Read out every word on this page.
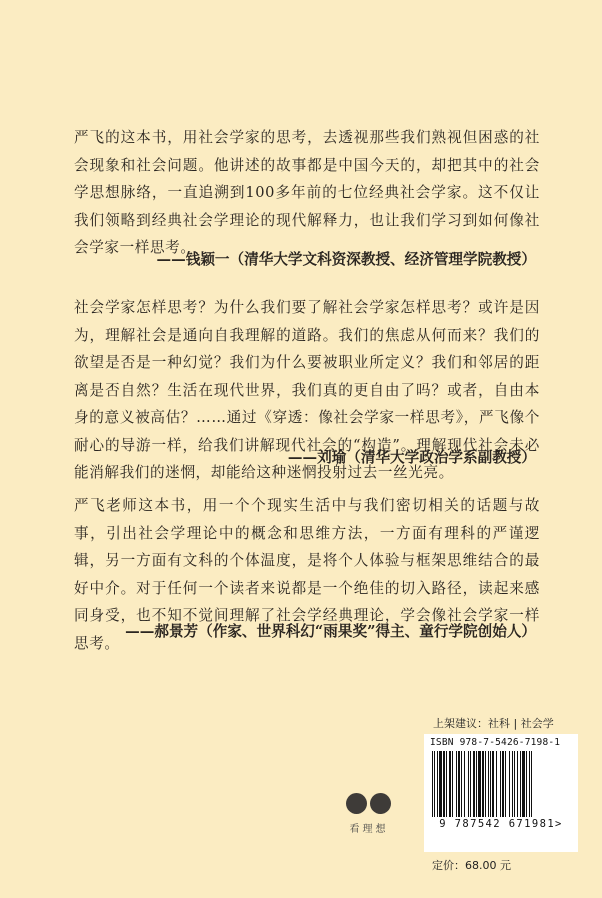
严飞的这本书，用社会学家的思考，去透视那些我们熟视但困惑的社会现象和社会问题。他讲述的故事都是中国今天的，却把其中的社会学思想脉络，一直追溯到100多年前的七位经典社会学家。这不仅让我们领略到经典社会学理论的现代解释力，也让我们学习到如何像社会学家一样思考。

——钱颖一（清华大学文科资深教授、经济管理学院教授）

社会学家怎样思考？为什么我们要了解社会学家怎样思考？或许是因为，理解社会是通向自我理解的道路。我们的焦虑从何而来？我们的欲望是否是一种幻觉？我们为什么要被职业所定义？我们和邻居的距离是否自然？生活在现代世界，我们真的更自由了吗？或者，自由本身的意义被高估？……通过《穿透：像社会学家一样思考》，严飞像个耐心的导游一样，给我们讲解现代社会的“构造”。理解现代社会未必能消解我们的迷惘，却能给这种迷惘投射过去一丝光亮。

——刘瑜（清华大学政治学系副教授）

严飞老师这本书，用一个个现实生活中与我们密切相关的话题与故事，引出社会学理论中的概念和思维方法，一方面有理科的严谨逻辑，另一方面有文科的个体温度，是将个人体验与框架思维结合的最好中介。对于任何一个读者来说都是一个绝佳的切入路径，读起来感同身受，也不知不觉间理解了社会学经典理论，学会像社会学家一样思考。

——郝景芳（作家、世界科幻“雨果奖”得主、童行学院创始人）

看理想
上架建议：社科 | 社会学
ISBN 978-7-5426-7198-1
9 787542 671981>
定价：68.00 元
